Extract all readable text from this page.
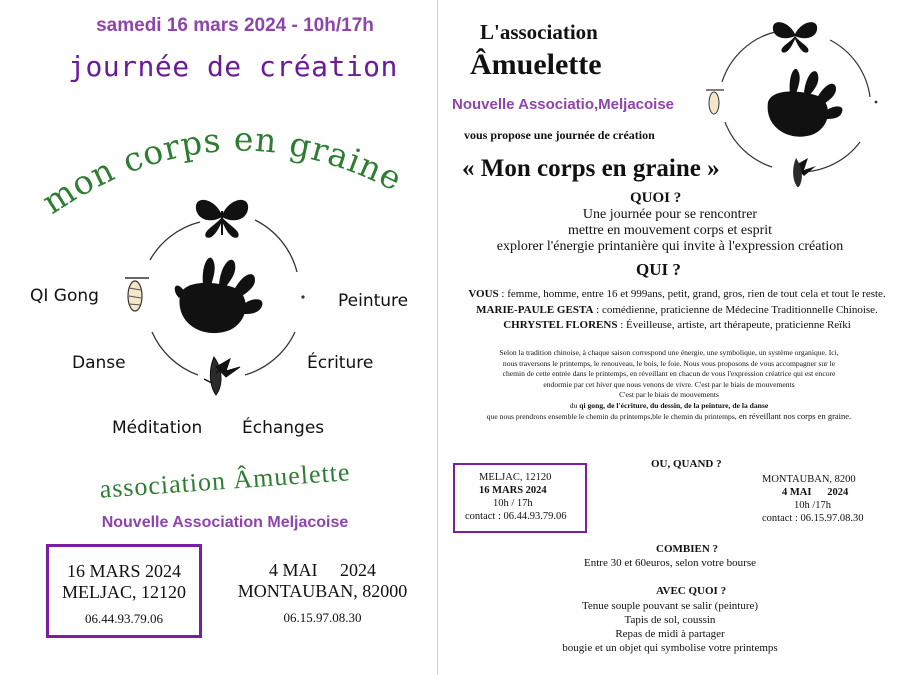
samedi 16 mars 2024 - 10h/17h
journée de création
mon corps en graine
QI Gong	Peinture
Danse	Écriture
Méditation Échanges
association Âmuelette
Nouvelle Association Meljacoise
16 MARS 2024
MELJAC, 12120
06.44.93.79.06
4 MAI     2024
MONTAUBAN, 82000
06.15.97.08.30
L'association
Âmuelette
Nouvelle Associatio,Meljacoise
vous propose une journée de création
« Mon corps en graine »
QUOI ?
Une journée pour se rencontrer
mettre en mouvement corps et esprit
explorer l'énergie printanière qui invite à l'expression création
QUI ?
VOUS : femme, homme, entre 16 et 999ans, petit, grand, gros, rien de tout cela et tout le reste.
MARIE-PAULE GESTA : comédienne, praticienne de Médecine Traditionnelle Chinoise.
CHRYSTEL FLORENS : Éveilleuse, artiste, art thérapeute, praticienne Reïki
Selon la tradition chinoise, à chaque saison correspond une énergie, une symbolique, un système organique. Ici,
nous traversons le printemps, le renouveau, le bois, le foie. Nous vous proposons de vous accompagner sur le
chemin de cette entrée dans le printemps, en réveillant en chacun de vous l'expression créatrice qui est encore
endormie par cet hiver que nous venons de vivre. C'est par le biais de mouvements
C'est par le biais de mouvements
du qi gong, de l'écriture, du dessin, de la peinture, de la danse
que nous prendrons ensemble le chemin du printemps,ble le chemin du printemps, en réveillant nos corps en graine.
OU, QUAND ?
MELJAC, 12120
16 MARS 2024
10h / 17h
contact : 06.44.93.79.06
MONTAUBAN, 8200
4 MAI      2024
10h /17h
contact : 06.15.97.08.30
COMBIEN ?
Entre 30 et 60euros, selon votre bourse
AVEC QUOI ?
Tenue souple pouvant se salir (peinture)
Tapis de sol, coussin
Repas de midi à partager
bougie et un objet qui symbolise votre printemps
